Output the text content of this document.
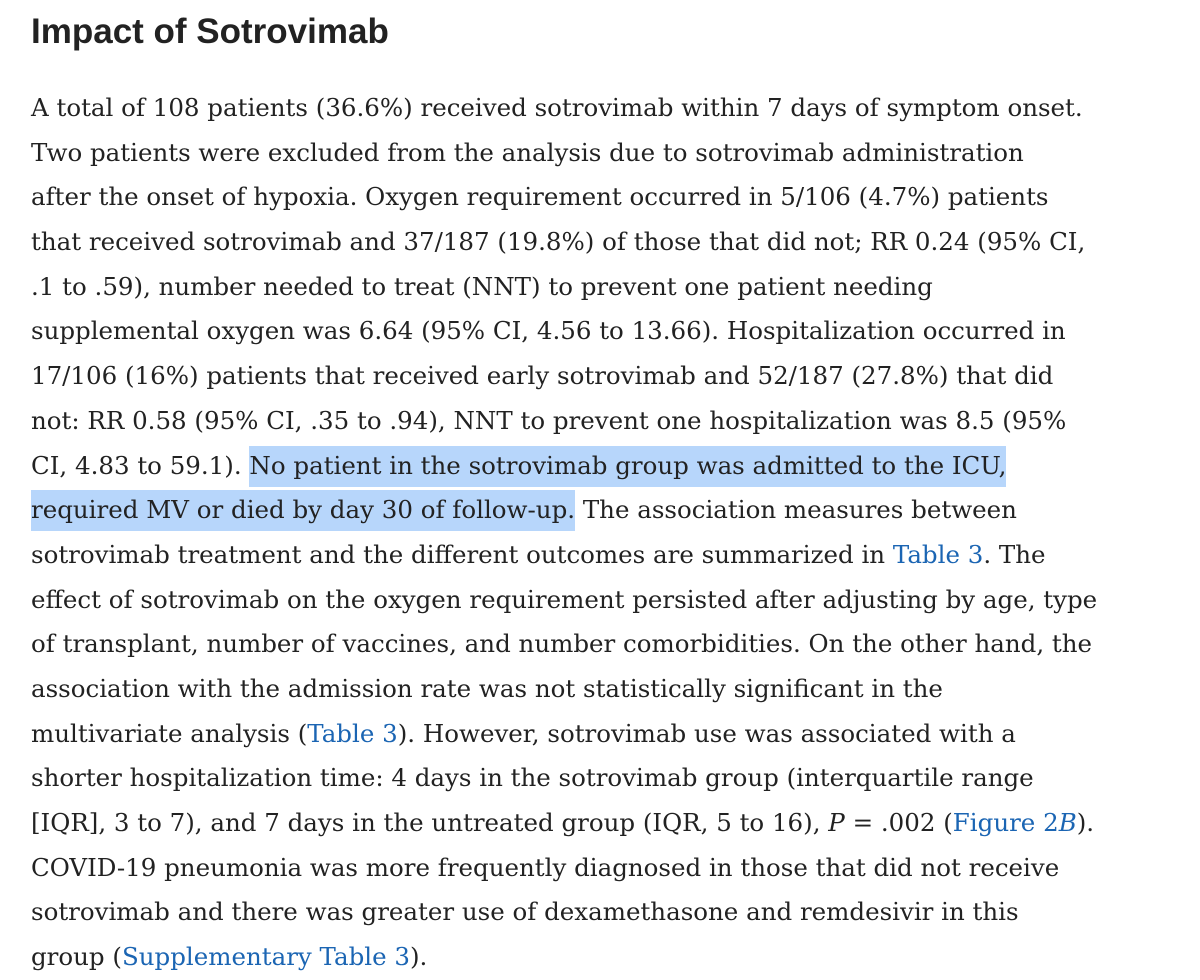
Impact of Sotrovimab

A total of 108 patients (36.6%) received sotrovimab within 7 days of symptom onset.
Two patients were excluded from the analysis due to sotrovimab administration
after the onset of hypoxia. Oxygen requirement occurred in 5/106 (4.7%) patients
that received sotrovimab and 37/187 (19.8%) of those that did not; RR 0.24 (95% CI,
.1 to .59), number needed to treat (NNT) to prevent one patient needing
supplemental oxygen was 6.64 (95% CI, 4.56 to 13.66). Hospitalization occurred in
17/106 (16%) patients that received early sotrovimab and 52/187 (27.8%) that did
not: RR 0.58 (95% CI, .35 to .94), NNT to prevent one hospitalization was 8.5 (95%
CI, 4.83 to 59.1). No patient in the sotrovimab group was admitted to the ICU,
required MV or died by day 30 of follow-up. The association measures between
sotrovimab treatment and the different outcomes are summarized in Table 3. The
effect of sotrovimab on the oxygen requirement persisted after adjusting by age, type
of transplant, number of vaccines, and number comorbidities. On the other hand, the
association with the admission rate was not statistically significant in the
multivariate analysis (Table 3). However, sotrovimab use was associated with a
shorter hospitalization time: 4 days in the sotrovimab group (interquartile range
[IQR], 3 to 7), and 7 days in the untreated group (IQR, 5 to 16), P = .002 (Figure 2B).
COVID-19 pneumonia was more frequently diagnosed in those that did not receive
sotrovimab and there was greater use of dexamethasone and remdesivir in this
group (Supplementary Table 3).
